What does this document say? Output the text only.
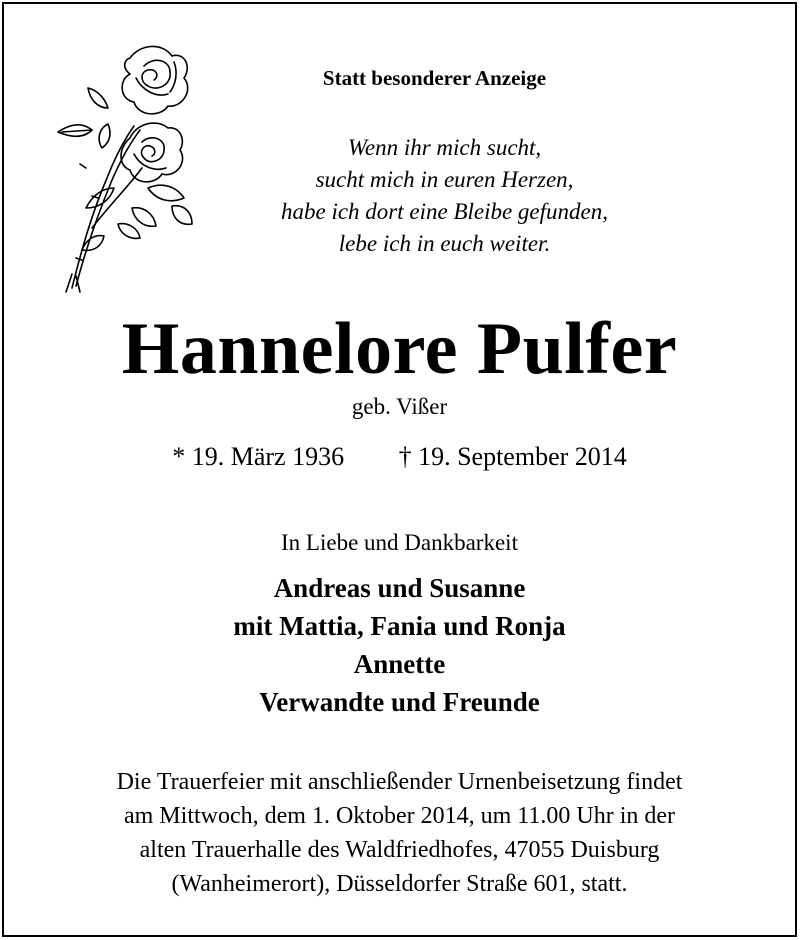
Statt besonderer Anzeige
Wenn ihr mich sucht,
sucht mich in euren Herzen,
habe ich dort eine Bleibe gefunden,
lebe ich in euch weiter.
Hannelore Pulfer
geb. Vißer
* 19. März 1936 † 19. September 2014
In Liebe und Dankbarkeit
Andreas und Susanne
mit Mattia, Fania und Ronja
Annette
Verwandte und Freunde
Die Trauerfeier mit anschließender Urnenbeisetzung findet
am Mittwoch, dem 1. Oktober 2014, um 11.00 Uhr in der
alten Trauerhalle des Waldfriedhofes, 47055 Duisburg
(Wanheimerort), Düsseldorfer Straße 601, statt.
